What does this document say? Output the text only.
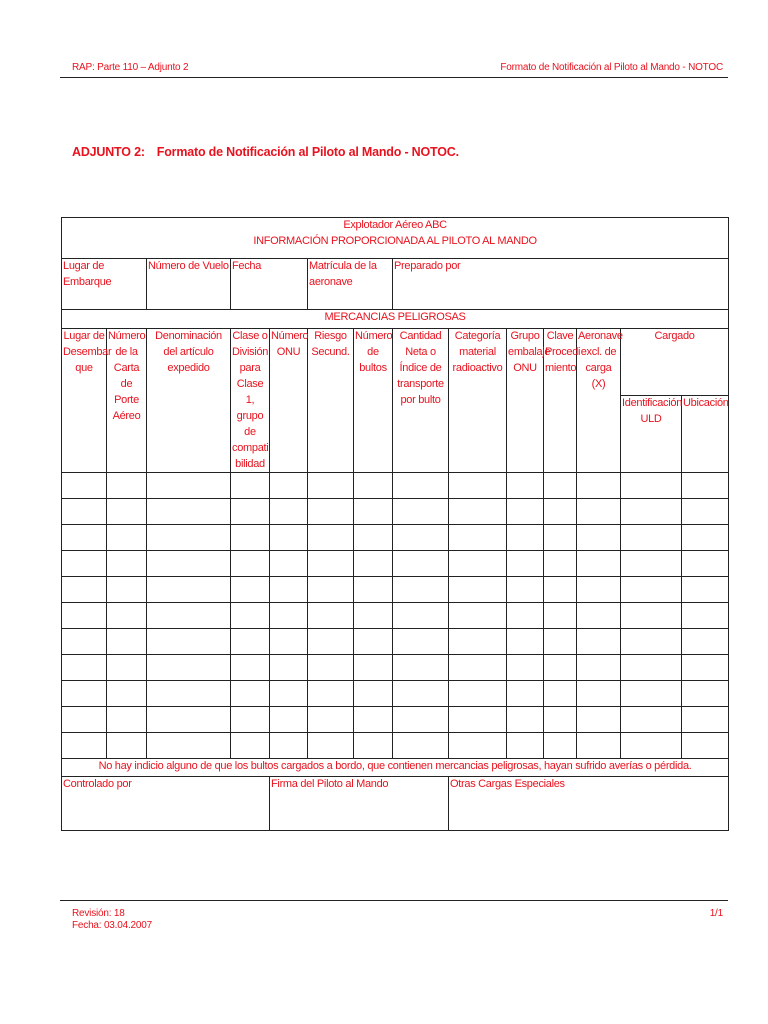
RAP: Parte 110 – Adjunto 2	Formato de Notificación al Piloto al Mando - NOTOC
ADJUNTO 2: Formato de Notificación al Piloto al Mando - NOTOC.
Explotador Aéreo ABC
INFORMACIÓN PROPORCIONADA AL PILOTO AL MANDO													

Lugar de Embarque		Número de Vuelo	Fecha		Matrícula de la aeronave		Preparado por						
MERCANCIAS PELIGROSAS													
Lugar de Desembar que	Número de la Carta de Porte Aéreo	Denominación del artículo expedido	Clase o División para Clase 1, grupo de compati bilidad	Número ONU	Riesgo Secund.	Número de bultos	Cantidad Neta o Índice de transporte por bulto	Categoría material radioactivo	Grupo embalaje ONU	Clave Procedi miento	Aeronave excl. de carga (X)	Cargado	
												Identificación ULD	Ubicación

No hay indicio alguno de que los bultos cargados a bordo, que contienen mercancias peligrosas, hayan sufrido averías o pérdida.													
Controlado por				Firma del Piloto al Mando				Otras Cargas Especiales					
Revisión: 18
Fecha: 03.04.2007
1/1
